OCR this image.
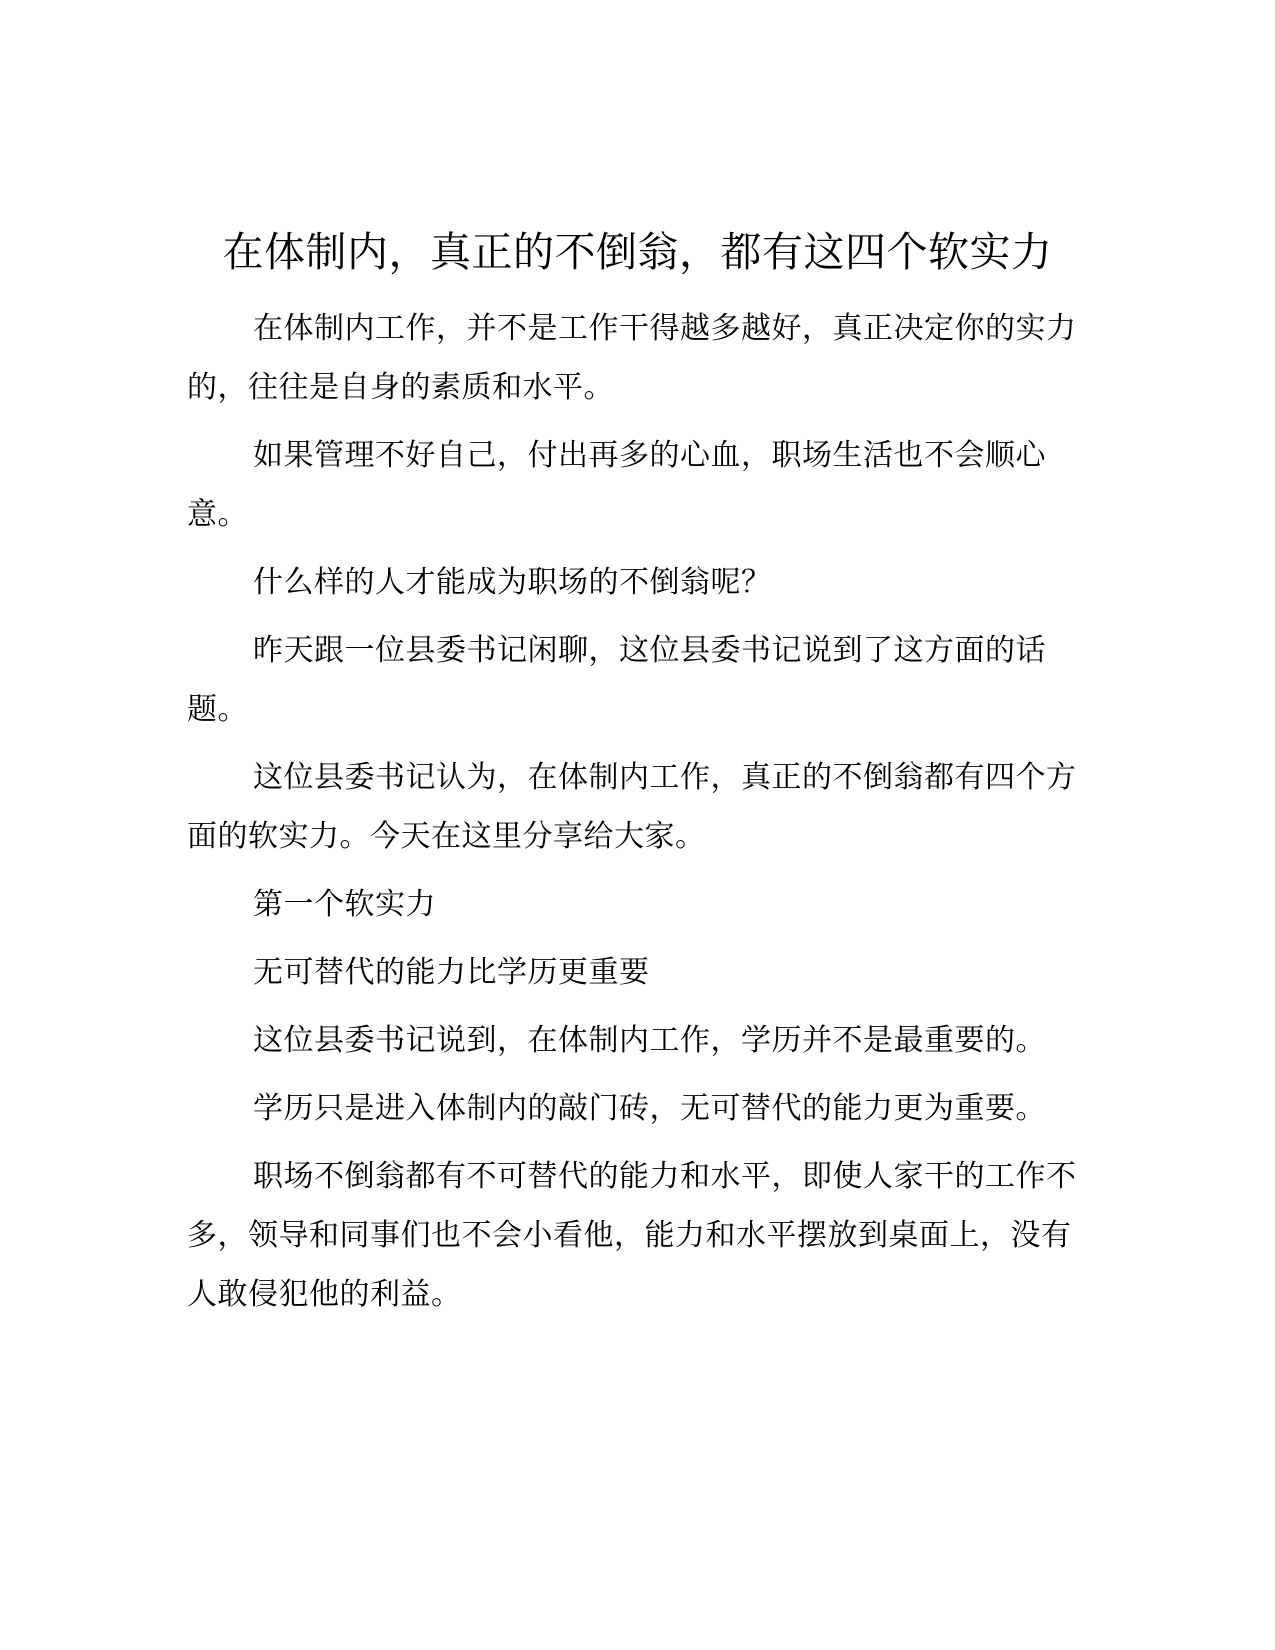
在体制内，真正的不倒翁，都有这四个软实力

在体制内工作，并不是工作干得越多越好，真正决定你的实力的，往往是自身的素质和水平。

如果管理不好自己，付出再多的心血，职场生活也不会顺心意。

什么样的人才能成为职场的不倒翁呢？

昨天跟一位县委书记闲聊，这位县委书记说到了这方面的话题。

这位县委书记认为，在体制内工作，真正的不倒翁都有四个方面的软实力。今天在这里分享给大家。

第一个软实力

无可替代的能力比学历更重要

这位县委书记说到，在体制内工作，学历并不是最重要的。

学历只是进入体制内的敲门砖，无可替代的能力更为重要。

职场不倒翁都有不可替代的能力和水平，即使人家干的工作不多，领导和同事们也不会小看他，能力和水平摆放到桌面上，没有人敢侵犯他的利益。
